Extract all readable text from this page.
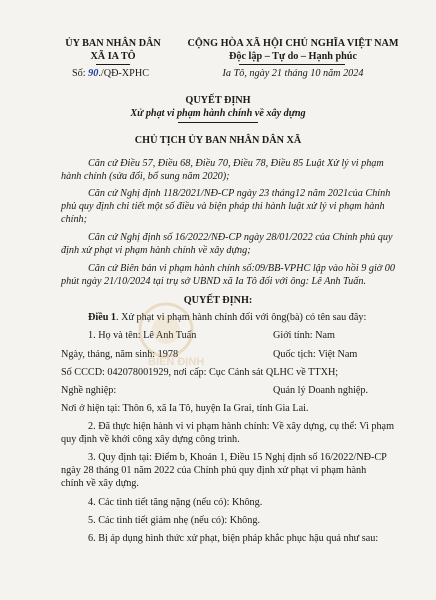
ỦY BAN NHÂN DÂN
XÃ IA TÔ
Số: 90./QĐ-XPHC
CỘNG HÒA XÃ HỘI CHỦ NGHĨA VIỆT NAM
Độc lập – Tự do – Hạnh phúc
Ia Tô, ngày 21 tháng 10 năm 2024
QUYẾT ĐỊNH
Xử phạt vi phạm hành chính về xây dựng
CHỦ TỊCH ỦY BAN NHÂN DÂN XÃ
Căn cứ Điều 57, Điều 68, Điều 70, Điều 78, Điều 85 Luật Xử lý vi phạm
hành chính (sửa đổi, bổ sung năm 2020);
Căn cứ Nghị định 118/2021/NĐ-CP ngày 23 tháng12 năm 2021của Chính
phủ quy định chi tiết một số điều và biện pháp thi hành luật xử lý vi phạm hành
chính;
Căn cứ Nghị định số 16/2022/NĐ-CP ngày 28/01/2022 của Chính phủ quy
định xử phạt vi phạm hành chính về xây dựng;
Căn cứ Biên bản vi phạm hành chính số:09/BB-VPHC lập vào hồi 9 giờ 00
phút ngày 21/10/2024 tại trụ sở UBND xã Ia Tô đối với ông: Lê Anh Tuấn.
QUYẾT ĐỊNH:
Điều 1. Xử phạt vi phạm hành chính đối với ông(bà) có tên sau đây:
1. Họ và tên: Lê Anh Tuấn	Giới tính: Nam
Ngày, tháng, năm sinh: 1978	Quốc tịch: Việt Nam
Số CCCD: 042078001929, nơi cấp: Cục Cảnh sát QLHC về TTXH;
Nghề nghiệp:	Quản lý Doanh nghiệp.
Nơi ở hiện tại: Thôn 6, xã Ia Tô, huyện Ia Grai, tỉnh Gia Lai.
2. Đã thực hiện hành vi vi phạm hành chính: Về xây dựng, cụ thể: Vi phạm
quy định về khởi công xây dựng công trình.
3. Quy định tại: Điểm b, Khoản 1, Điều 15 Nghị định số 16/2022/NĐ-CP
ngày 28 tháng 01 năm 2022 của Chính phủ quy định xử phạt vi phạm hành
chính về xây dựng.
4. Các tình tiết tăng nặng (nếu có): Không.
5. Các tình tiết giảm nhẹ (nếu có): Không.
6. Bị áp dụng hình thức xử phạt, biện pháp khắc phục hậu quả như sau:
BIÊN ĐỊNH
